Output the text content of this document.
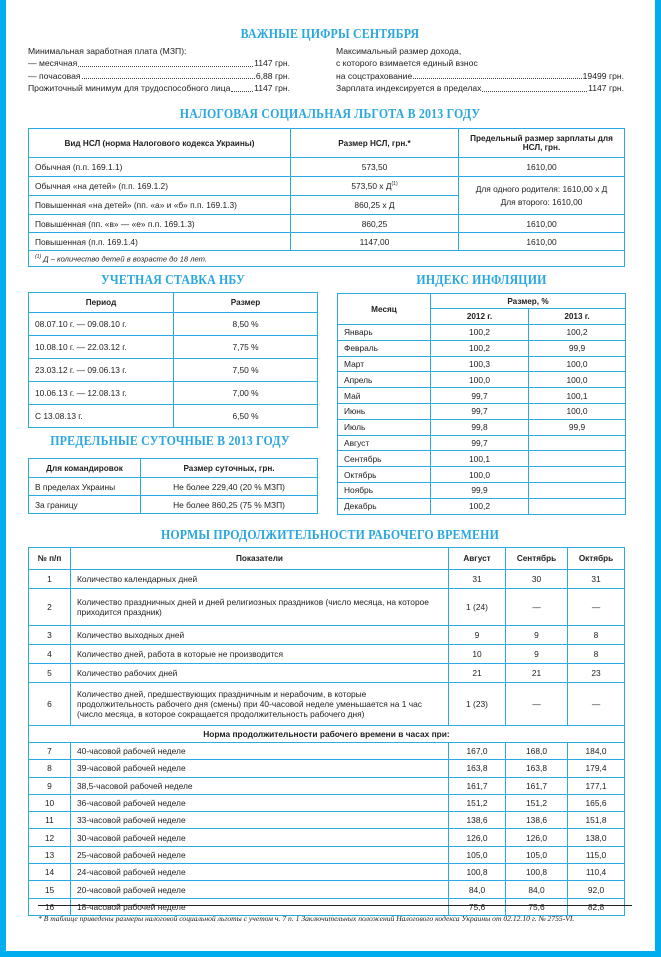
ВАЖНЫЕ ЦИФРЫ СЕНТЯБРЯ
Минимальная заработная плата (МЗП):
— месячная	1147 грн.
— почасовая	6,88 грн.
Прожиточный минимум для трудоспособного лица	1147 грн.
Максимальный размер дохода,
с которого взимается единый взнос
на соцстрахование	19499 грн.
Зарплата индексируется в пределах	1147 грн.
НАЛОГОВАЯ СОЦИАЛЬНАЯ ЛЬГОТА В 2013 ГОДУ
Вид НСЛ (норма Налогового кодекса Украины)	Размер НСЛ, грн.*	Предельный размер зарплаты для НСЛ, грн.
Обычная (п.п. 169.1.1)	573,50	1610,00
Обычная «на детей» (п.п. 169.1.2)	573,50 х $Д^{(1)}$	Для одного родителя: 1610,00 х Д
Для второго: 1610,00

Повышенная «на детей» (пп. «а» и «б» п.п. 169.1.3)	860,25 х Д	
Повышенная (пп. «в» — «е» п.п. 169.1.3)	860,25	1610,00
Повышенная (п.п. 169.1.4)	1147,00	1610,00
$^{(1)}$ Д – количество детей в возрасте до 18 лет.		
УЧЕТНАЯ СТАВКА НБУ
Период	Размер
08.07.10 г. — 09.08.10 г.	8,50 %
10.08.10 г. — 22.03.12 г.	7,75 %
23.03.12 г. — 09.06.13 г.	7,50 %
10.06.13 г. — 12.08.13 г.	7,00 %
С 13.08.13 г.	6,50 %
ИНДЕКС ИНФЛЯЦИИ
Месяц	Размер, %	
	2012 г.	2013 г.
Январь	100,2	100,2
Февраль	100,2	99,9
Март	100,3	100,0
Апрель	100,0	100,0
Май	99,7	100,1
Июнь	99,7	100,0
Июль	99,8	99,9
Август	99,7	
Сентябрь	100,1	
Октябрь	100,0	
Ноябрь	99,9	
Декабрь	100,2	
ПРЕДЕЛЬНЫЕ СУТОЧНЫЕ В 2013 ГОДУ
Для командировок	Размер суточных, грн.
В пределах Украины	Не более 229,40 (20 % МЗП)
За границу	Не более 860,25 (75 % МЗП)
НОРМЫ ПРОДОЛЖИТЕЛЬНОСТИ РАБОЧЕГО ВРЕМЕНИ
№ п/п	Показатели	Август	Сентябрь	Октябрь
1	Количество календарных дней	31	30	31
2	Количество праздничных дней и дней религиозных праздников (число месяца, на которое приходится праздник)	1 (24)	—	—
3	Количество выходных дней	9	9	8
4	Количество дней, работа в которые не производится	10	9	8
5	Количество рабочих дней	21	21	23
6	Количество дней, предшествующих праздничным и нерабочим, в которые продолжительность рабочего дня (смены) при 40-часовой неделе уменьшается на 1 час (число месяца, в которое сокращается продолжительность рабочего дня)	1 (23)	—	—
Норма продолжительности рабочего времени в часах при:				
7	40-часовой рабочей неделе	167,0	168,0	184,0
8	39-часовой рабочей неделе	163,8	163,8	179,4
9	38,5-часовой рабочей неделе	161,7	161,7	177,1
10	36-часовой рабочей неделе	151,2	151,2	165,6
11	33-часовой рабочей неделе	138,6	138,6	151,8
12	30-часовой рабочей неделе	126,0	126,0	138,0
13	25-часовой рабочей неделе	105,0	105,0	115,0
14	24-часовой рабочей неделе	100,8	100,8	110,4
15	20-часовой рабочей неделе	84,0	84,0	92,0
16	18-часовой рабочей неделе	75,6	75,6	82,8
* В таблице приведены размеры налоговой социальной льготы с учетом ч. 7 п. 1 Заключительных положений Налогового кодекса Украины от 02.12.10 г. № 2755-VI.
